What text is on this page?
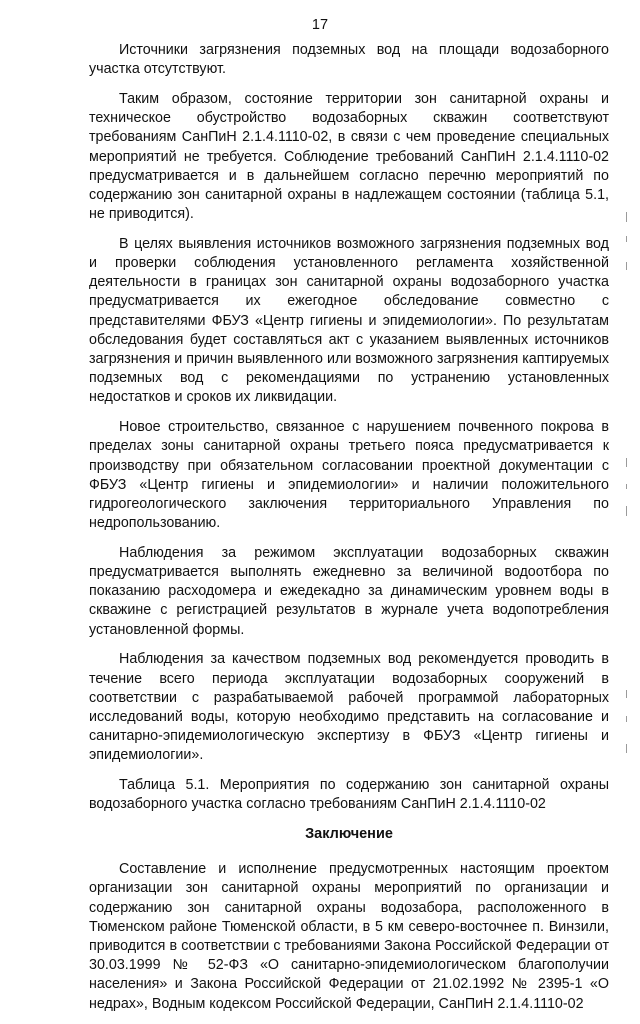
17

Источники загрязнения подземных вод на площади водозаборного участка отсутствуют.

Таким образом, состояние территории зон санитарной охраны и техническое обустройство водозаборных скважин соответствуют требованиям СанПиН 2.1.4.1110-02, в связи с чем проведение специальных мероприятий не требуется. Соблюдение требований СанПиН 2.1.4.1110-02 предусматривается и в дальнейшем согласно перечню мероприятий по содержанию зон санитарной охраны в надлежащем состоянии (таблица 5.1, не приводится).

В целях выявления источников возможного загрязнения подземных вод и проверки соблюдения установленного регламента хозяйственной деятельности в границах зон санитарной охраны водозаборного участка предусматривается их ежегодное обследование совместно с представителями ФБУЗ «Центр гигиены и эпидемиологии». По результатам обследования будет составляться акт с указанием выявленных источников загрязнения и причин выявленного или возможного загрязнения каптируемых подземных вод с рекомендациями по устранению установленных недостатков и сроков их ликвидации.

Новое строительство, связанное с нарушением почвенного покрова в пределах зоны санитарной охраны третьего пояса предусматривается к производству при обязательном согласовании проектной документации с ФБУЗ «Центр гигиены и эпидемиологии» и наличии положительного гидрогеологического заключения территориального Управления по недропользованию.

Наблюдения за режимом эксплуатации водозаборных скважин предусматривается выполнять ежедневно за величиной водоотбора по показанию расходомера и ежедекадно за динамическим уровнем воды в скважине с регистрацией результатов в журнале учета водопотребления установленной формы.

Наблюдения за качеством подземных вод рекомендуется проводить в течение всего периода эксплуатации водозаборных сооружений в соответствии с разрабатываемой рабочей программой лабораторных исследований воды, которую необходимо представить на согласование и санитарно-эпидемиологическую экспертизу в ФБУЗ «Центр гигиены и эпидемиологии».

Таблица 5.1. Мероприятия по содержанию зон санитарной охраны водозаборного участка согласно требованиям СанПиН 2.1.4.1110-02

Заключение

Составление и исполнение предусмотренных настоящим проектом организации зон санитарной охраны мероприятий по организации и содержанию зон санитарной охраны водозабора, расположенного в Тюменском районе Тюменской области, в 5 км северо-восточнее п. Винзили, приводится в соответствии с требованиями Закона Российской Федерации от 30.03.1999 № 52-ФЗ «О санитарно-эпидемиологическом благополучии населения» и Закона Российской Федерации от 21.02.1992 № 2395-1 «О недрах», Водным кодексом Российской Федерации, СанПиН 2.1.4.1110-02
